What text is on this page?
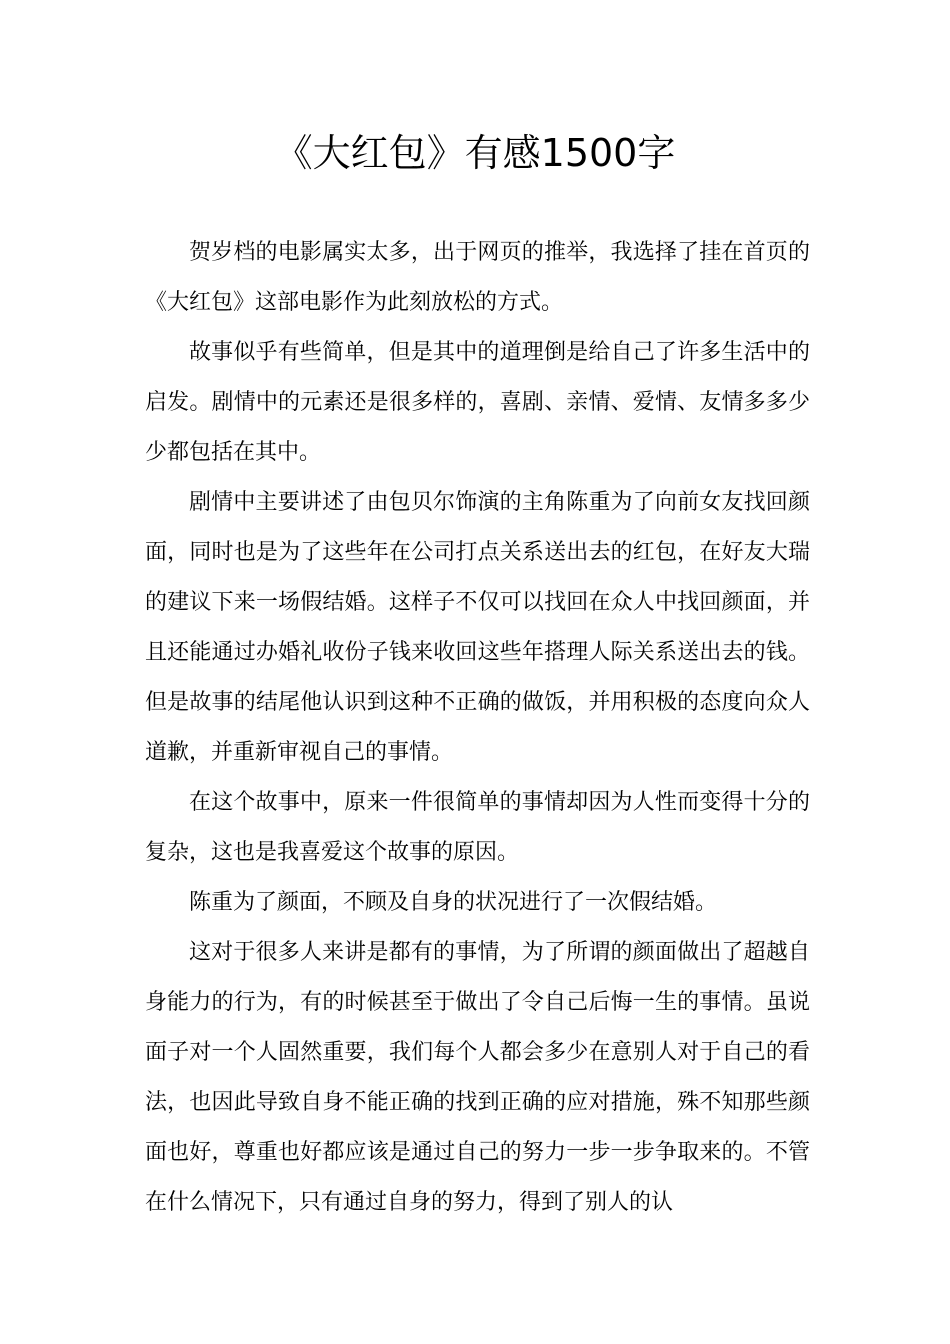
《大红包》有感1500字

贺岁档的电影属实太多，出于网页的推举，我选择了挂在首页的《大红包》这部电影作为此刻放松的方式。

故事似乎有些简单，但是其中的道理倒是给自己了许多生活中的启发。剧情中的元素还是很多样的，喜剧、亲情、爱情、友情多多少少都包括在其中。

剧情中主要讲述了由包贝尔饰演的主角陈重为了向前女友找回颜面，同时也是为了这些年在公司打点关系送出去的红包，在好友大瑞的建议下来一场假结婚。这样子不仅可以找回在众人中找回颜面，并且还能通过办婚礼收份子钱来收回这些年搭理人际关系送出去的钱。但是故事的结尾他认识到这种不正确的做饭，并用积极的态度向众人道歉，并重新审视自己的事情。

在这个故事中，原来一件很简单的事情却因为人性而变得十分的复杂，这也是我喜爱这个故事的原因。

陈重为了颜面，不顾及自身的状况进行了一次假结婚。

这对于很多人来讲是都有的事情，为了所谓的颜面做出了超越自身能力的行为，有的时候甚至于做出了令自己后悔一生的事情。虽说面子对一个人固然重要，我们每个人都会多少在意别人对于自己的看法，也因此导致自身不能正确的找到正确的应对措施，殊不知那些颜面也好，尊重也好都应该是通过自己的努力一步一步争取来的。不管在什么情况下，只有通过自身的努力，得到了别人的认
